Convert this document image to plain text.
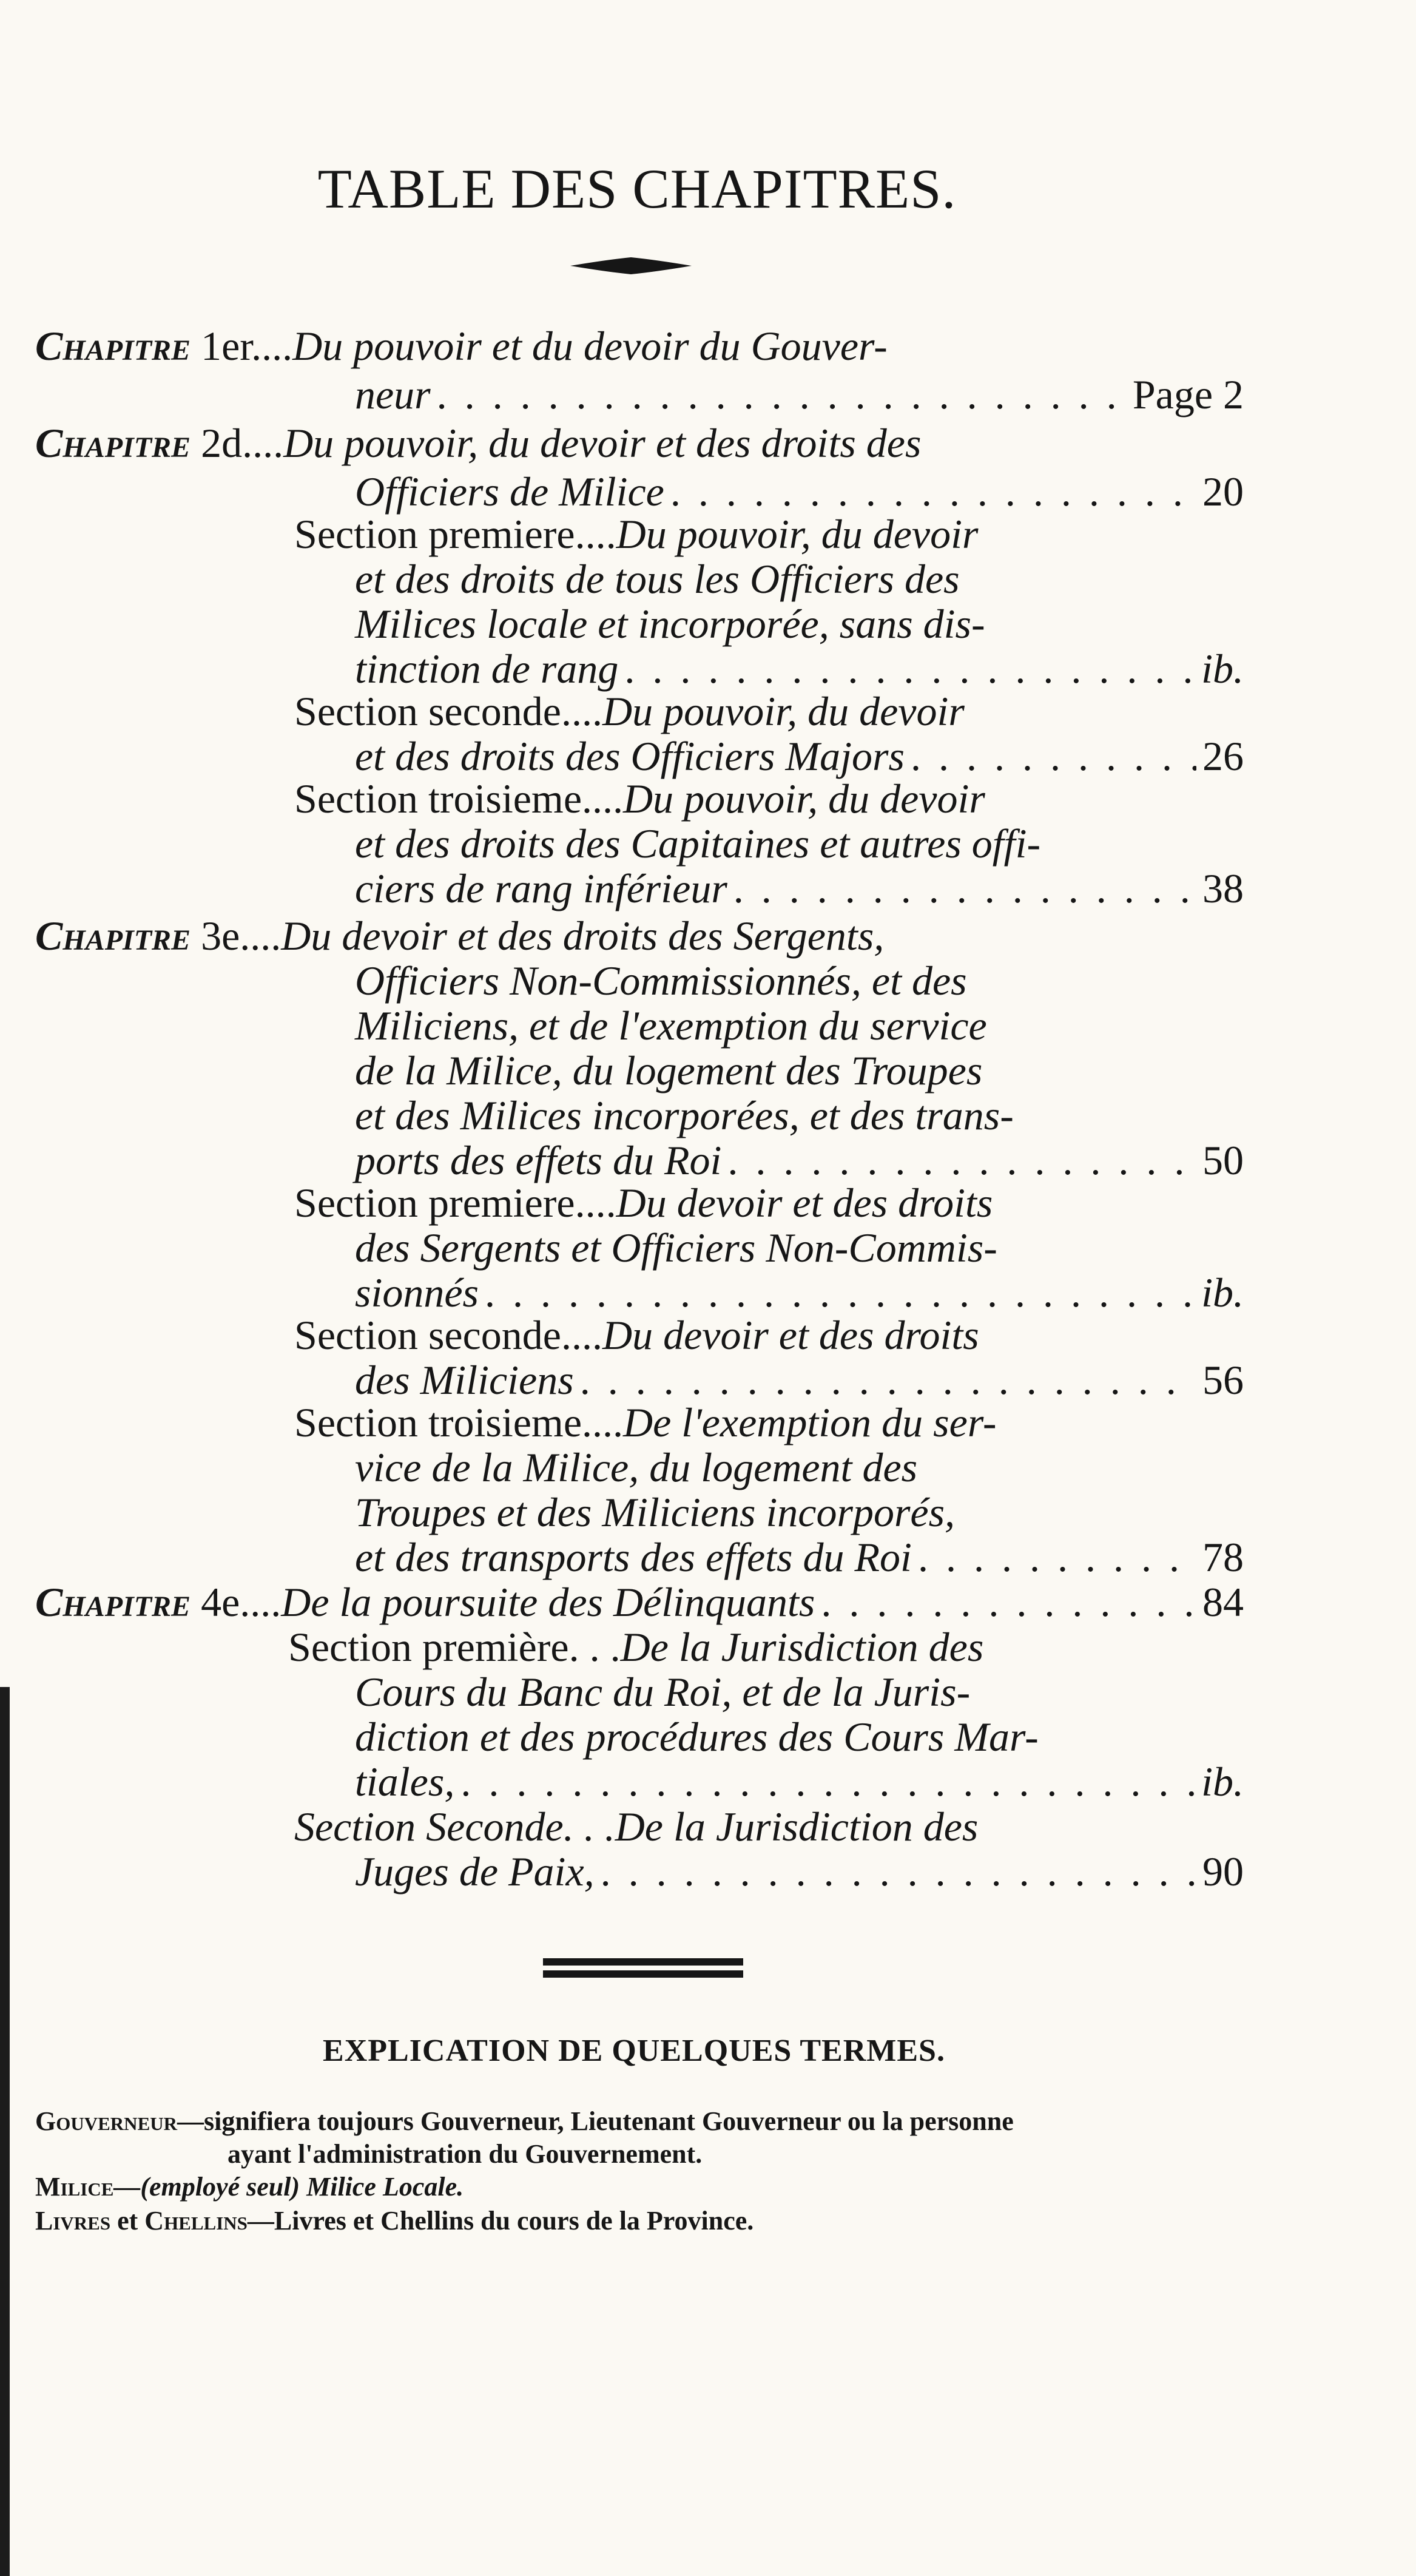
TABLE DES CHAPITRES.
Chapitre
1er.... Du pouvoir et du devoir du Gouver-
neur . . .	Page 2
Chapitre
2d.... Du pouvoir, du devoir et des droits des
Officiers de Milice . . .	20
Section premiere.... Du pouvoir, du devoir
et des droits de tous les Officiers des
Milices locale et incorporée, sans dis-
tinction de rang . . .	ib.
Section seconde.... Du pouvoir, du devoir
et des droits des Officiers Majors . . .	26
Section troisieme.... Du pouvoir, du devoir
et des droits des Capitaines et autres offi-
ciers de rang inférieur . . .	38
Chapitre
3e.... Du devoir et des droits des Sergents,
Officiers Non-Commissionnés, et des
Miliciens, et de l'exemption du service
de la Milice, du logement des Troupes
et des Milices incorporées, et des trans-
ports des effets du Roi . . .	50
Section premiere.... Du devoir et des droits
des Sergents et Officiers Non-Commis-
sionnés . . .	ib.
Section seconde.... Du devoir et des droits
des Miliciens . . .	56
Section troisieme.... De l'exemption du ser-
vice de la Milice, du logement des
Troupes et des Miliciens incorporés,
et des transports des effets du Roi . . .	78
Chapitre
4e.... De la poursuite des Délinquants . . .	84
Section première. . . De la Jurisdiction des
Cours du Banc du Roi, et de la Juris-
diction et des procédures des Cours Mar-
tiales, . . .	ib.
Section Seconde. . . De la Jurisdiction des
Juges de Paix, . . .	90
EXPLICATION DE QUELQUES TERMES.
Gouverneur—signifiera toujours Gouverneur, Lieutenant Gouverneur ou la personne
ayant l'administration du Gouvernement.
Milice—(employé seul) Milice Locale.
Livres et Chellins—Livres et Chellins du cours de la Province.
